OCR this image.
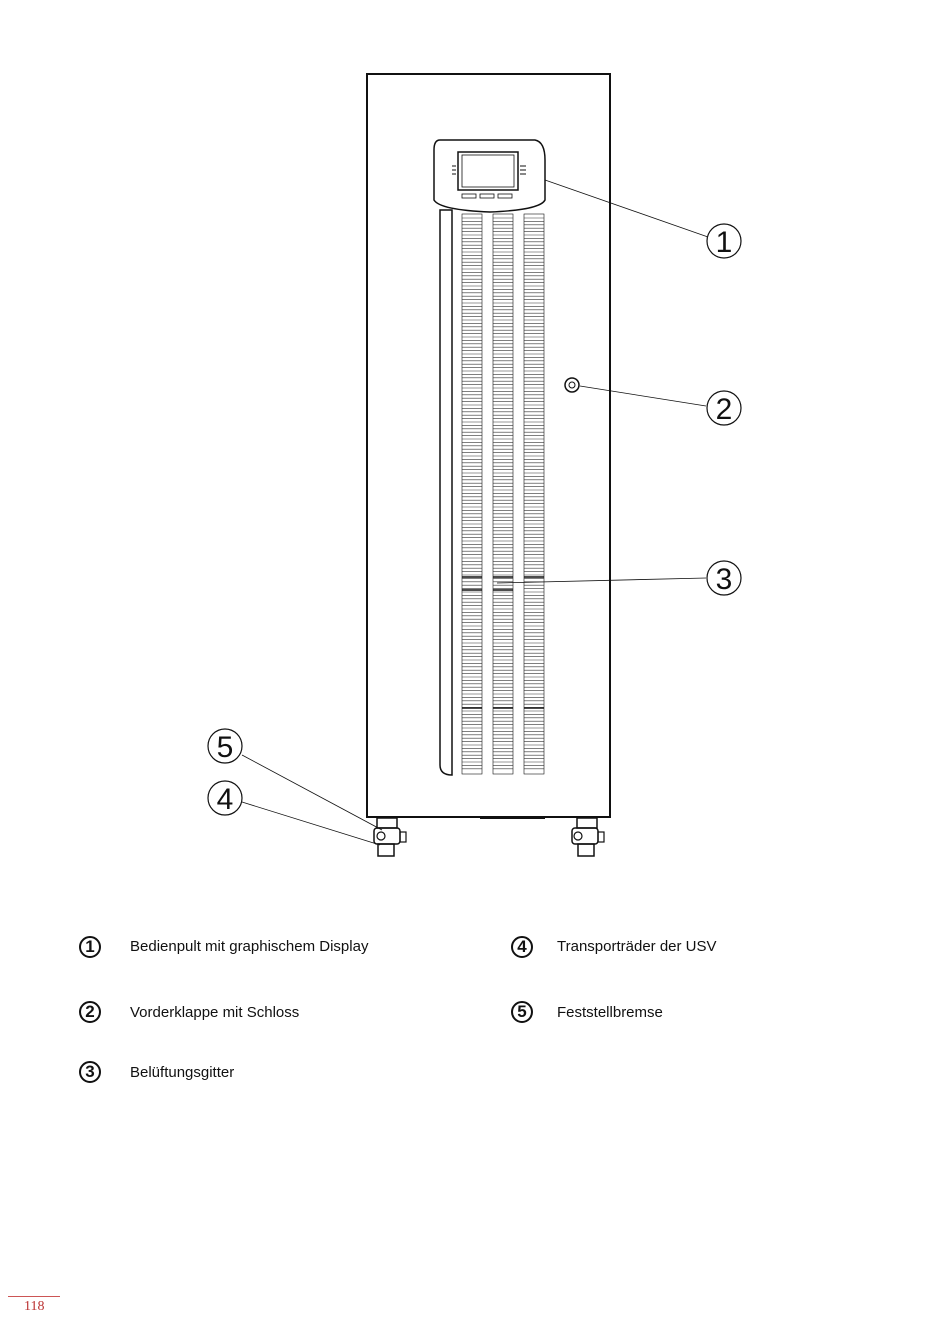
1
2
3
5
4
1	Bedienpult mit graphischem Display
2	Vorderklappe mit Schloss
3	Belüftungsgitter
4	Transporträder der USV
5	Feststellbremse
118
